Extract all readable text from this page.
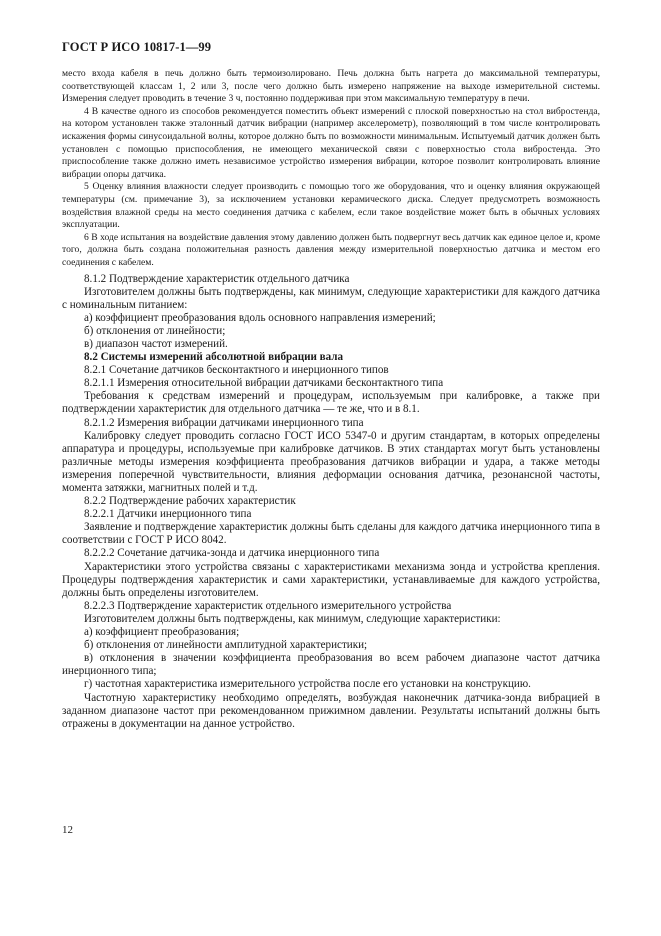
ГОСТ Р ИСО 10817-1—99

место входа кабеля в печь должно быть термоизолировано. Печь должна быть нагрета до максимальной температуры, соответствующей классам 1, 2 или 3, после чего должно быть измерено напряжение на выходе измерительной системы. Измерения следует проводить в течение 3 ч, постоянно поддерживая при этом максимальную температуру в печи.

4 В качестве одного из способов рекомендуется поместить объект измерений с плоской поверхностью на стол вибростенда, на котором установлен также эталонный датчик вибрации (например акселерометр), позволяющий в том числе контролировать искажения формы синусоидальной волны, которое должно быть по возможности минимальным. Испытуемый датчик должен быть установлен с помощью приспособления, не имеющего механической связи с поверхностью стола вибростенда. Это приспособление также должно иметь независимое устройство измерения вибрации, которое позволит контролировать влияние вибрации опоры датчика.

5 Оценку влияния влажности следует производить с помощью того же оборудования, что и оценку влияния окружающей температуры (см. примечание 3), за исключением установки керамического диска. Следует предусмотреть возможность воздействия влажной среды на место соединения датчика с кабелем, если такое воздействие может быть в обычных условиях эксплуатации.

6 В ходе испытания на воздействие давления этому давлению должен быть подвергнут весь датчик как единое целое и, кроме того, должна быть создана положительная разность давления между измерительной поверхностью датчика и местом его соединения с кабелем.

8.1.2 Подтверждение характеристик отдельного датчика

Изготовителем должны быть подтверждены, как минимум, следующие характеристики для каждого датчика с номинальным питанием:

а) коэффициент преобразования вдоль основного направления измерений;

б) отклонения от линейности;

в) диапазон частот измерений.

8.2 Системы измерений абсолютной вибрации вала

8.2.1 Сочетание датчиков бесконтактного и инерционного типов

8.2.1.1 Измерения относительной вибрации датчиками бесконтактного типа

Требования к средствам измерений и процедурам, используемым при калибровке, а также при подтверждении характеристик для отдельного датчика — те же, что и в 8.1.

8.2.1.2 Измерения вибрации датчиками инерционного типа

Калибровку следует проводить согласно ГОСТ ИСО 5347-0 и другим стандартам, в которых определены аппаратура и процедуры, используемые при калибровке датчиков. В этих стандартах могут быть установлены различные методы измерения коэффициента преобразования датчиков вибрации и удара, а также методы измерения поперечной чувствительности, влияния деформации основания датчика, резонансной частоты, момента затяжки, магнитных полей и т.д.

8.2.2 Подтверждение рабочих характеристик

8.2.2.1 Датчики инерционного типа

Заявление и подтверждение характеристик должны быть сделаны для каждого датчика инерционного типа в соответствии с ГОСТ Р ИСО 8042.

8.2.2.2 Сочетание датчика-зонда и датчика инерционного типа

Характеристики этого устройства связаны с характеристиками механизма зонда и устройства крепления. Процедуры подтверждения характеристик и сами характеристики, устанавливаемые для каждого устройства, должны быть определены изготовителем.

8.2.2.3 Подтверждение характеристик отдельного измерительного устройства

Изготовителем должны быть подтверждены, как минимум, следующие характеристики:

а) коэффициент преобразования;

б) отклонения от линейности амплитудной характеристики;

в) отклонения в значении коэффициента преобразования во всем рабочем диапазоне частот датчика инерционного типа;

г) частотная характеристика измерительного устройства после его установки на конструкцию.

Частотную характеристику необходимо определять, возбуждая наконечник датчика-зонда вибрацией в заданном диапазоне частот при рекомендованном прижимном давлении. Результаты испытаний должны быть отражены в документации на данное устройство.

12
